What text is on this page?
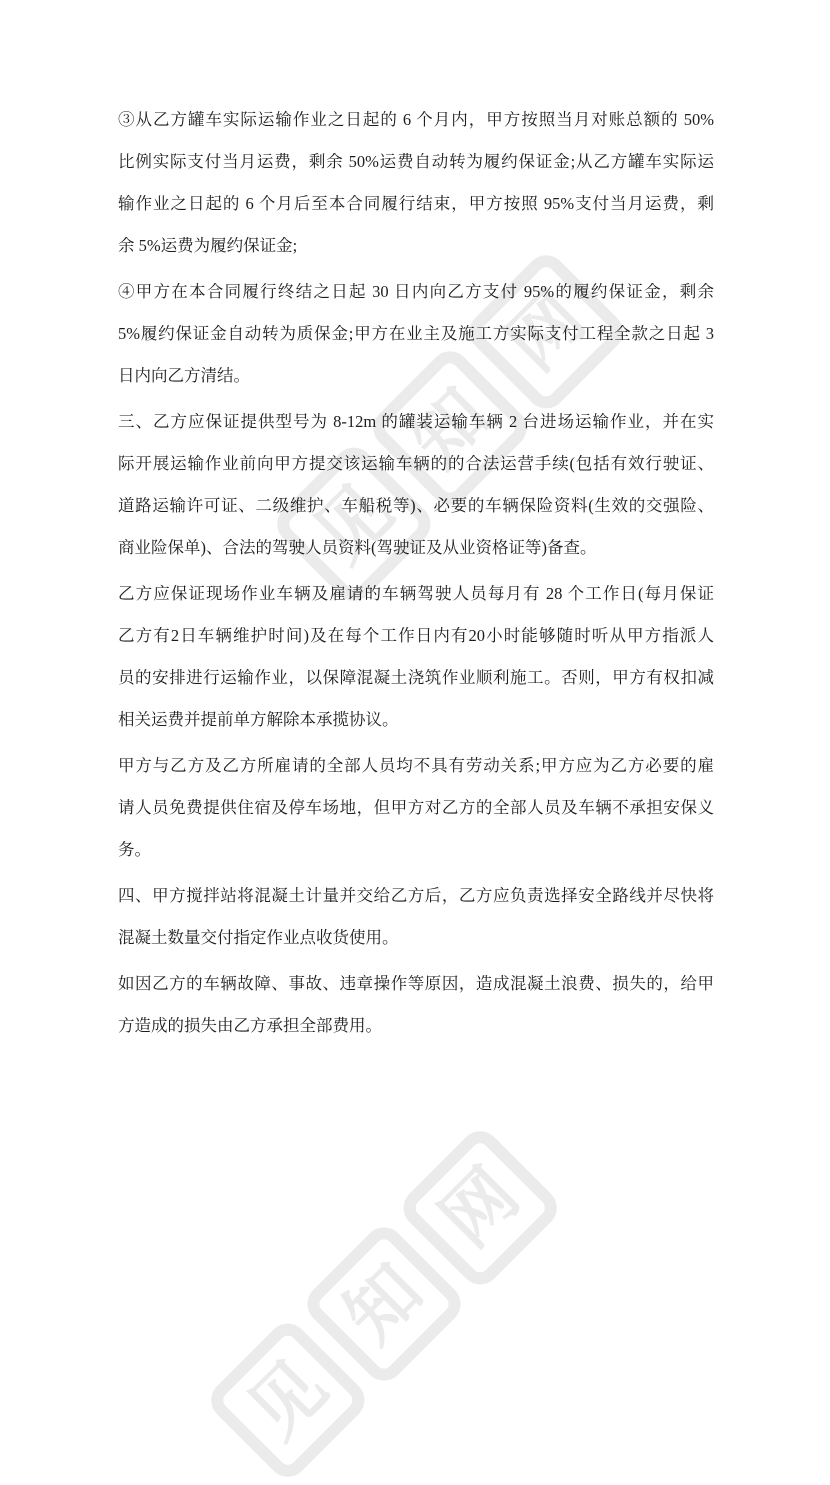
见
知
网
见
知
网
③从乙方罐车实际运输作业之日起的 6 个月内，甲方按照当月对账总额的 50%
比例实际支付当月运费，剩余 50%运费自动转为履约保证金;从乙方罐车实际运
输作业之日起的 6 个月后至本合同履行结束，甲方按照 95%支付当月运费，剩
余 5%运费为履约保证金;
④甲方在本合同履行终结之日起 30 日内向乙方支付 95%的履约保证金，剩余
5%履约保证金自动转为质保金;甲方在业主及施工方实际支付工程全款之日起 3
日内向乙方清结。
三、乙方应保证提供型号为 8-12m 的罐装运输车辆 2 台进场运输作业，并在实
际开展运输作业前向甲方提交该运输车辆的的合法运营手续(包括有效行驶证、
道路运输许可证、二级维护、车船税等)、必要的车辆保险资料(生效的交强险、
商业险保单)、合法的驾驶人员资料(驾驶证及从业资格证等)备查。
乙方应保证现场作业车辆及雇请的车辆驾驶人员每月有 28 个工作日(每月保证
乙方有2日车辆维护时间)及在每个工作日内有20小时能够随时听从甲方指派人
员的安排进行运输作业，以保障混凝土浇筑作业顺利施工。否则，甲方有权扣减
相关运费并提前单方解除本承揽协议。
甲方与乙方及乙方所雇请的全部人员均不具有劳动关系;甲方应为乙方必要的雇
请人员免费提供住宿及停车场地，但甲方对乙方的全部人员及车辆不承担安保义
务。
四、甲方搅拌站将混凝土计量并交给乙方后，乙方应负责选择安全路线并尽快将
混凝土数量交付指定作业点收货使用。
如因乙方的车辆故障、事故、违章操作等原因，造成混凝土浪费、损失的，给甲
方造成的损失由乙方承担全部费用。
